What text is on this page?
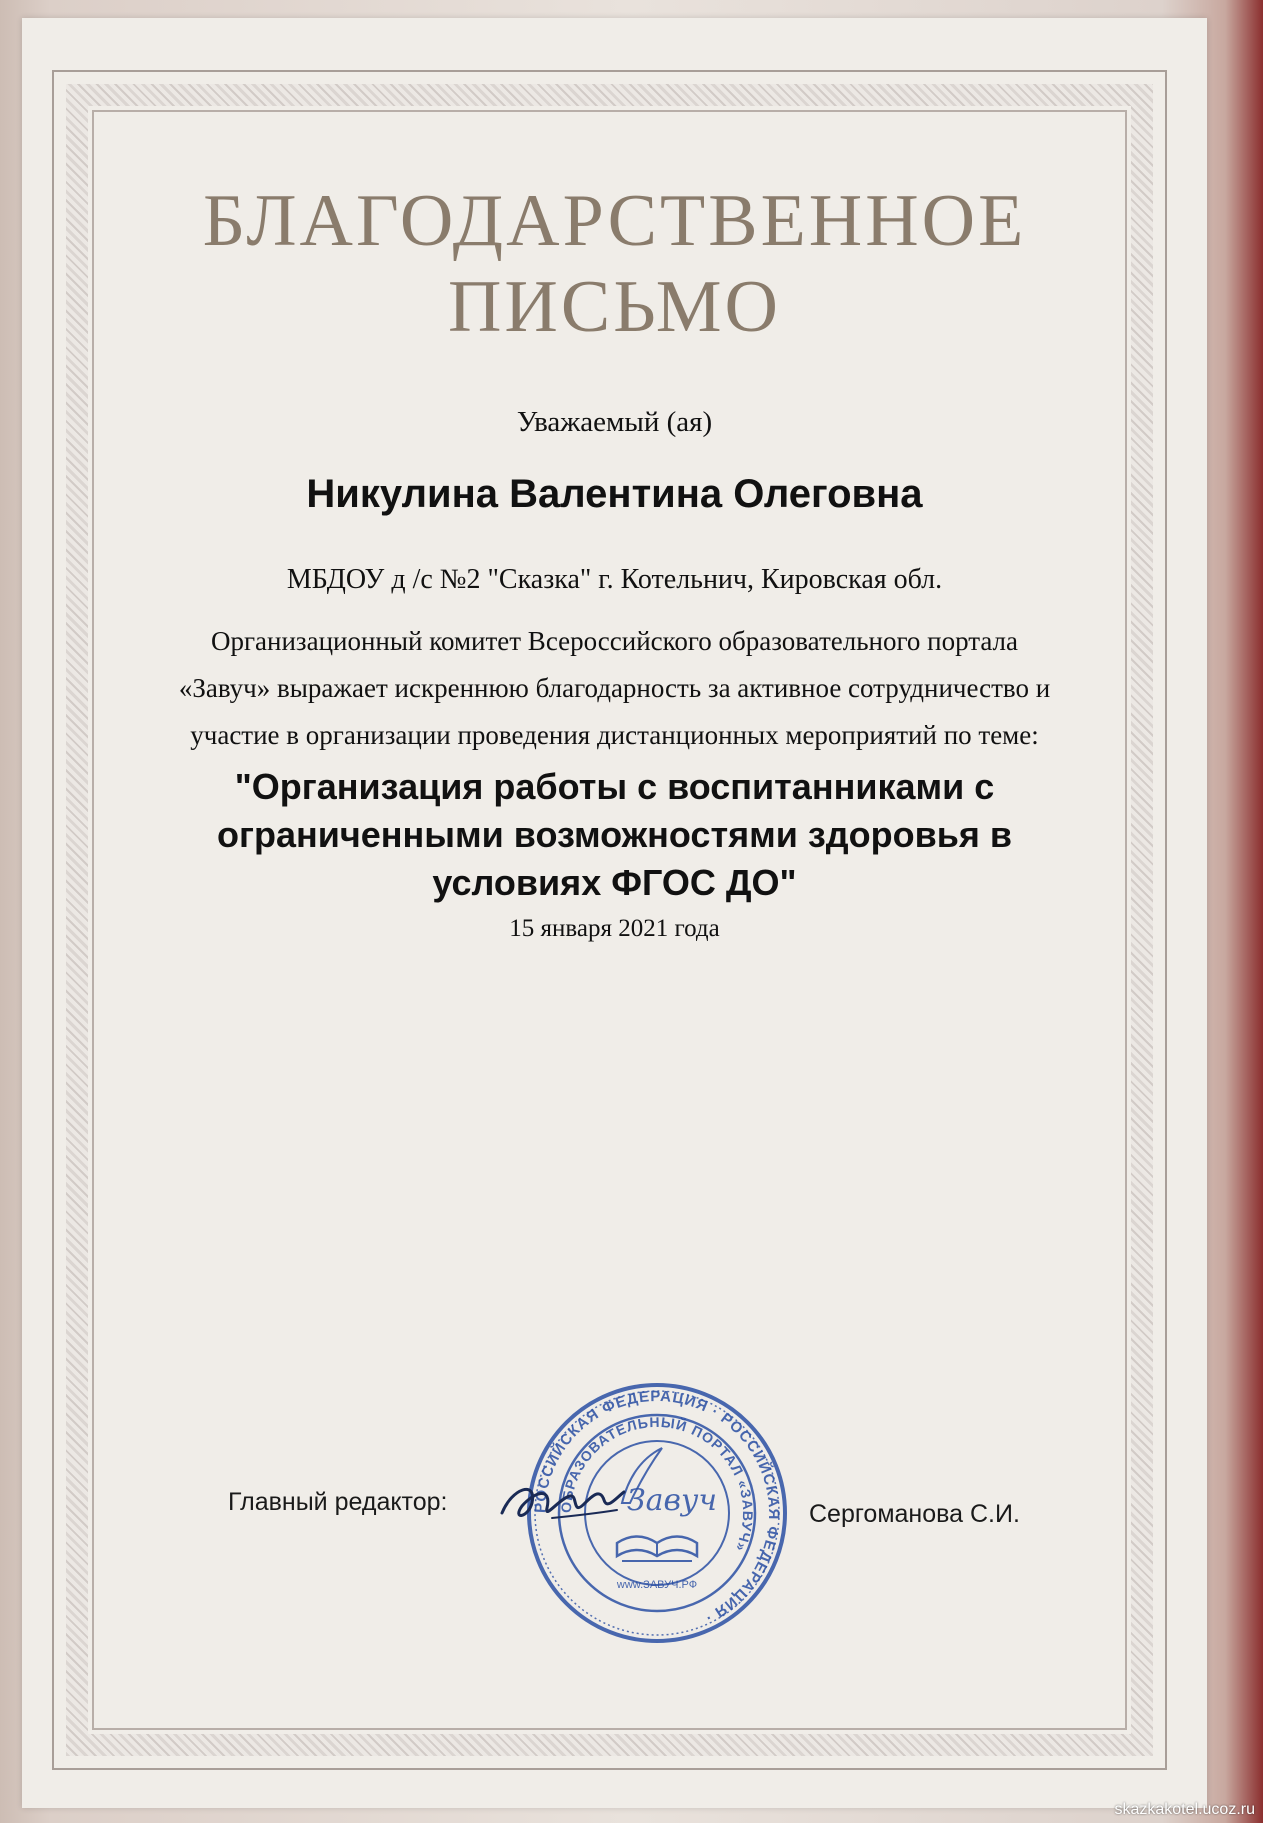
БЛАГОДАРСТВЕННОЕ
ПИСЬМО
Уважаемый (ая)
Никулина Валентина Олеговна
МБДОУ д /с №2 "Сказка" г. Котельнич, Кировская обл.
Организационный комитет Всероссийского образовательного портала «Завуч» выражает искреннюю благодарность за активное сотрудничество и участие в организации проведения дистанционных мероприятий по теме:
"Организация работы с воспитанниками с ограниченными возможностями здоровья в условиях ФГОС ДО"
15 января 2021 года
Главный редактор:	РОССИЙСКАЯ ФЕДЕРАЦИЯ · РОССИЙСКАЯ ФЕДЕРАЦИЯ ·
ОБРАЗОВАТЕЛЬНЫЙ ПОРТАЛ «ЗАВУЧ»
Завуч
www.ЗАВУЧ.РФ
Сергоманова С.И.
skazkakotel.ucoz.ru
